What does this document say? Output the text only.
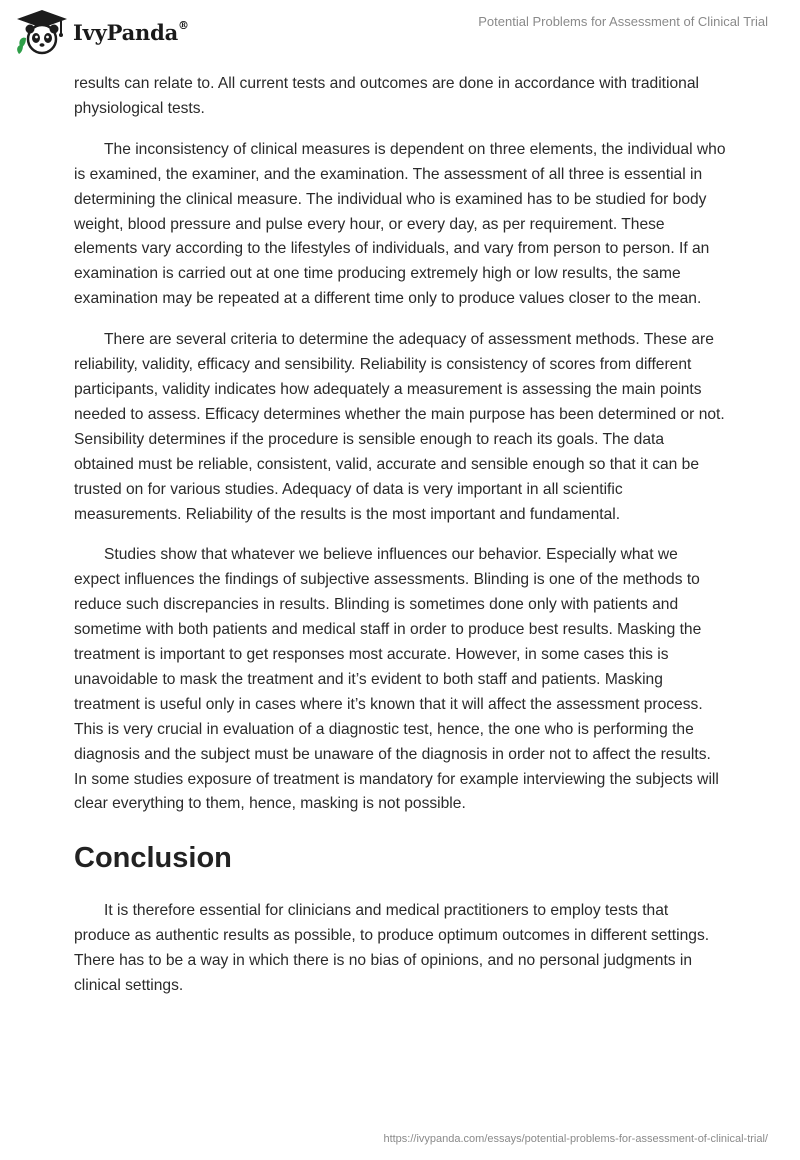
IvyPanda®	Potential Problems for Assessment of Clinical Trial

results can relate to. All current tests and outcomes are done in accordance with traditional physiological tests.

The inconsistency of clinical measures is dependent on three elements, the individual who is examined, the examiner, and the examination. The assessment of all three is essential in determining the clinical measure. The individual who is examined has to be studied for body weight, blood pressure and pulse every hour, or every day, as per requirement. These elements vary according to the lifestyles of individuals, and vary from person to person. If an examination is carried out at one time producing extremely high or low results, the same examination may be repeated at a different time only to produce values closer to the mean.

There are several criteria to determine the adequacy of assessment methods. These are reliability, validity, efficacy and sensibility. Reliability is consistency of scores from different participants, validity indicates how adequately a measurement is assessing the main points needed to assess. Efficacy determines whether the main purpose has been determined or not. Sensibility determines if the procedure is sensible enough to reach its goals. The data obtained must be reliable, consistent, valid, accurate and sensible enough so that it can be trusted on for various studies. Adequacy of data is very important in all scientific measurements. Reliability of the results is the most important and fundamental.

Studies show that whatever we believe influences our behavior. Especially what we expect influences the findings of subjective assessments. Blinding is one of the methods to reduce such discrepancies in results. Blinding is sometimes done only with patients and sometime with both patients and medical staff in order to produce best results. Masking the treatment is important to get responses most accurate. However, in some cases this is unavoidable to mask the treatment and it’s evident to both staff and patients. Masking treatment is useful only in cases where it’s known that it will affect the assessment process. This is very crucial in evaluation of a diagnostic test, hence, the one who is performing the diagnosis and the subject must be unaware of the diagnosis in order not to affect the results. In some studies exposure of treatment is mandatory for example interviewing the subjects will clear everything to them, hence, masking is not possible.

Conclusion

It is therefore essential for clinicians and medical practitioners to employ tests that produce as authentic results as possible, to produce optimum outcomes in different settings. There has to be a way in which there is no bias of opinions, and no personal judgments in clinical settings.

https://ivypanda.com/essays/potential-problems-for-assessment-of-clinical-trial/
